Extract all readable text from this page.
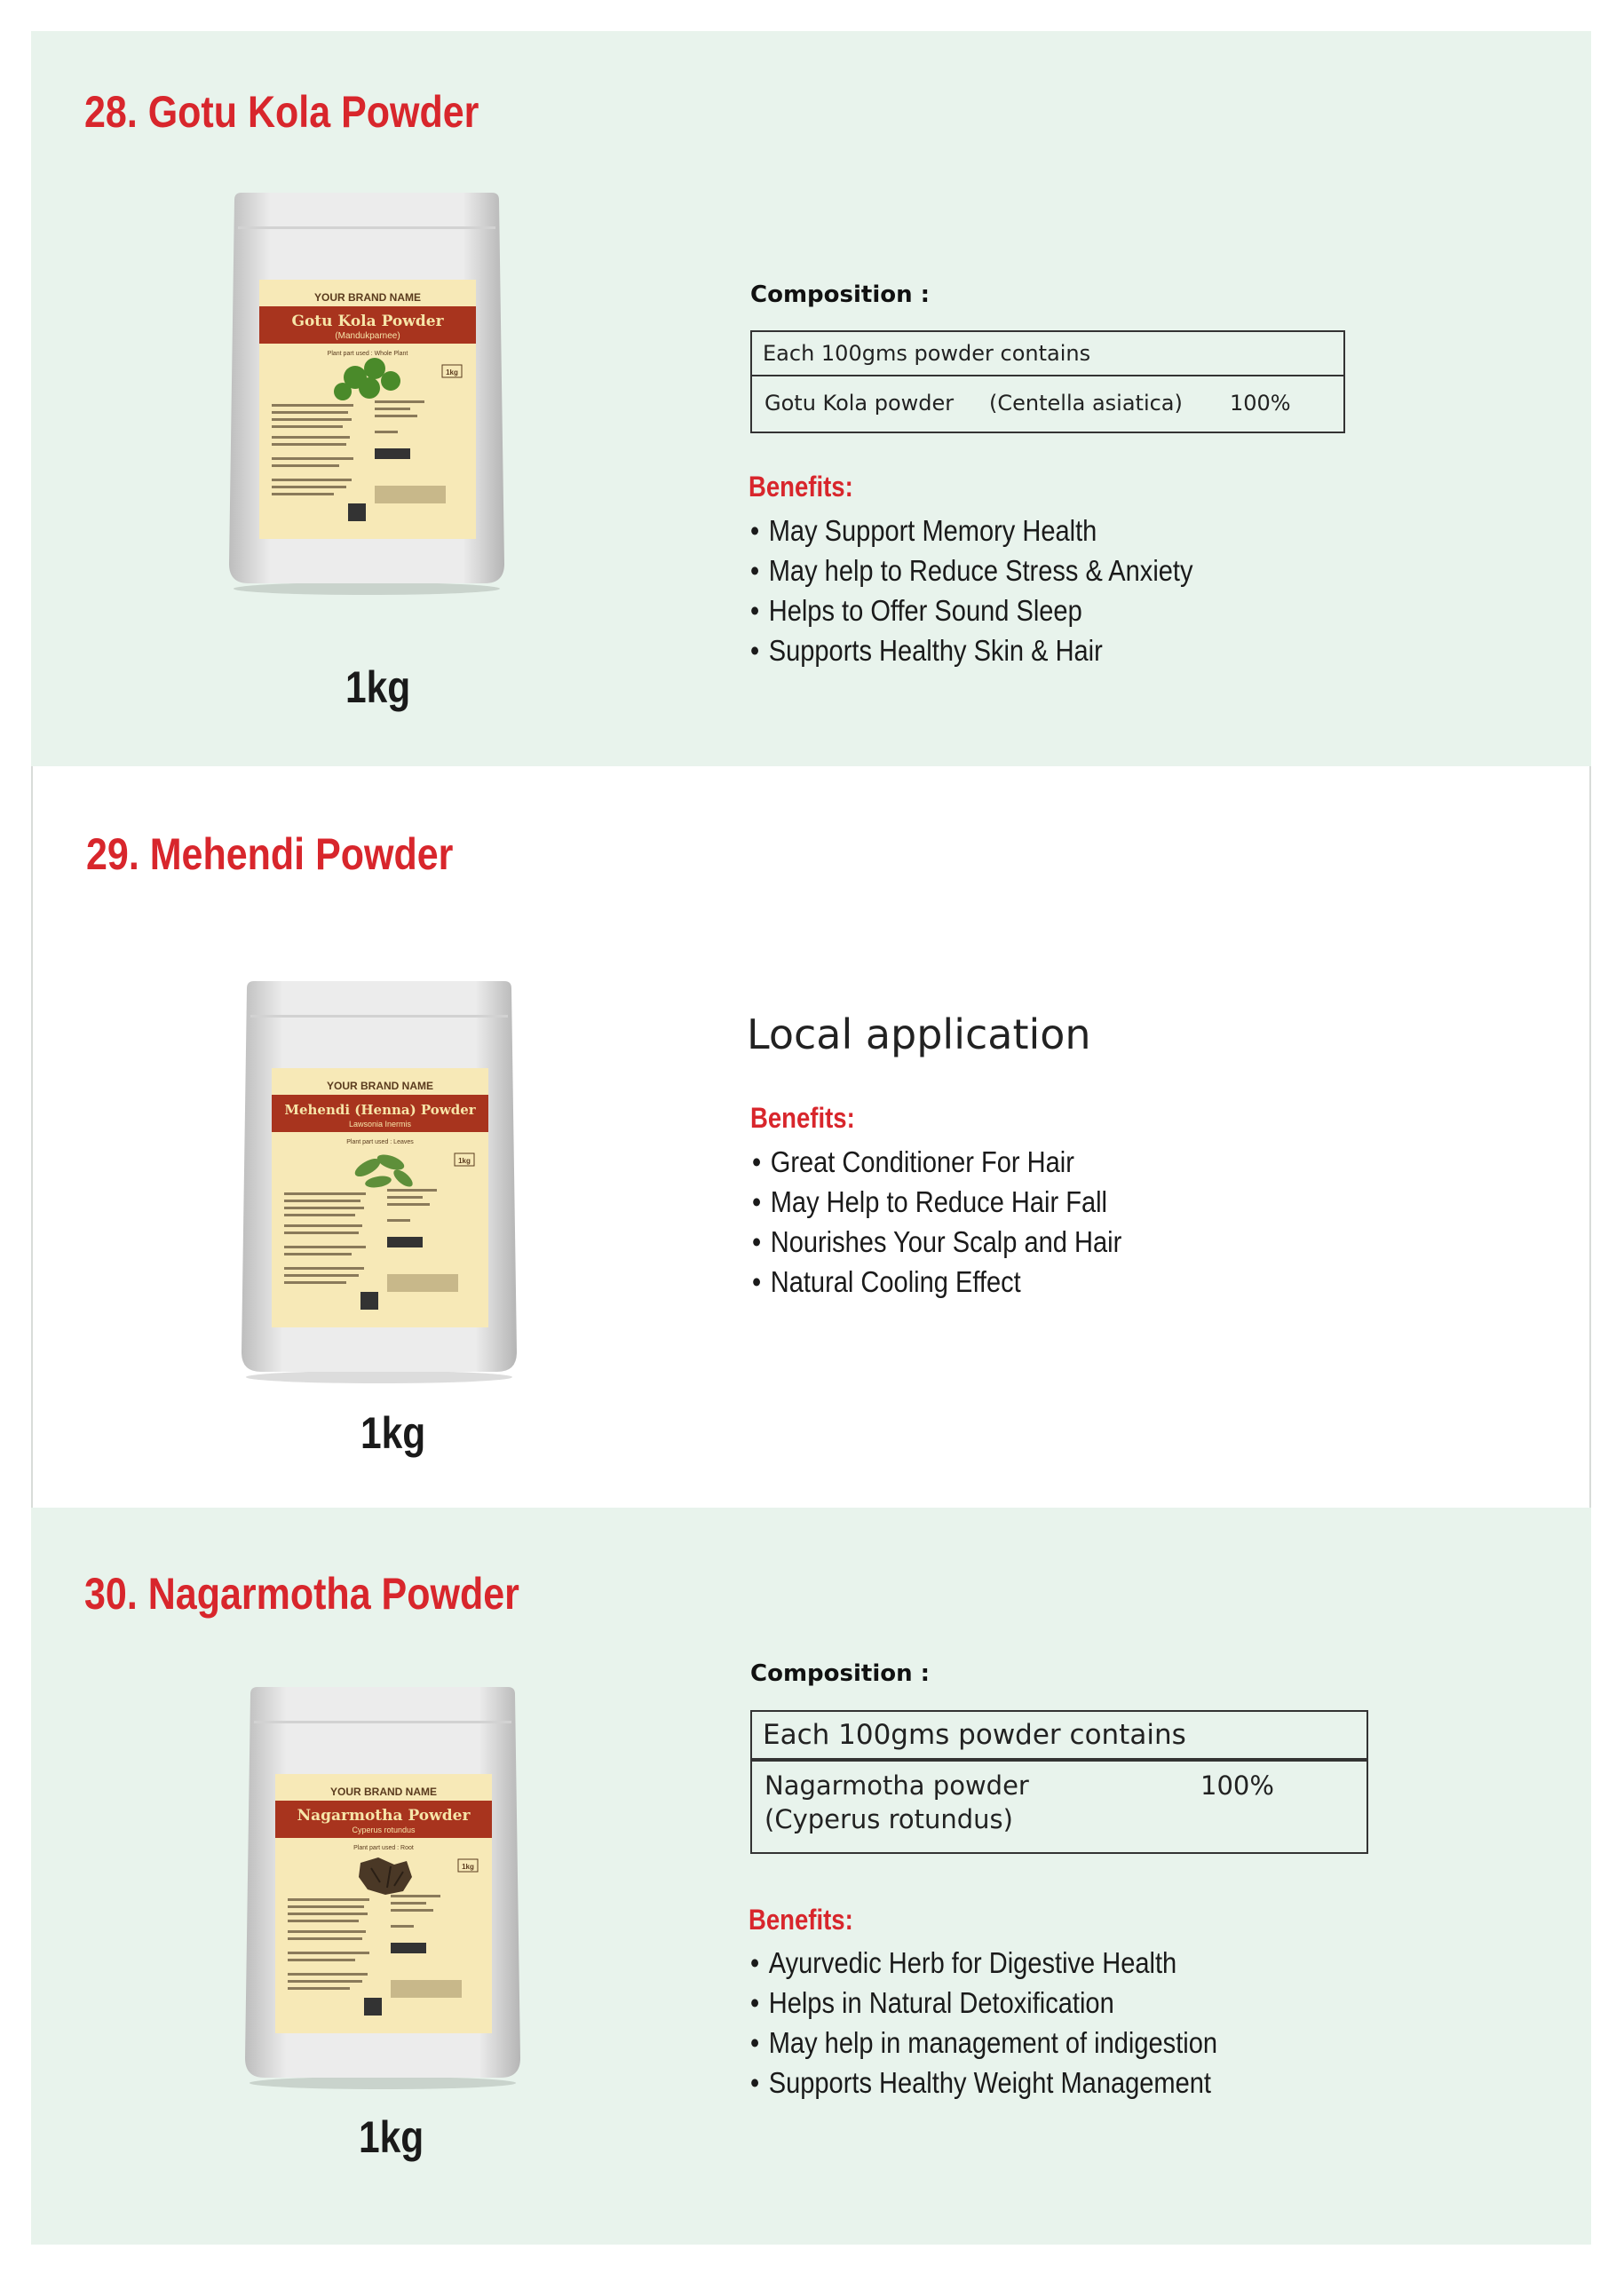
28. Gotu Kola Powder
YOUR BRAND NAME
Gotu Kola Powder
(Mandukparnee)
Plant part used : Whole Plant
1kg
1kg
Composition :
Each 100gms powder contains
Gotu Kola powder (Centella asiatica) 100%
Benefits:
• May Support Memory Health
• May help to Reduce Stress & Anxiety
• Helps to Offer Sound Sleep
• Supports Healthy Skin & Hair
29. Mehendi Powder
YOUR BRAND NAME
Mehendi (Henna) Powder
Lawsonia Inermis
Plant part used : Leaves
1kg
1kg
Local application
Benefits:
• Great Conditioner For Hair
• May Help to Reduce Hair Fall
• Nourishes Your Scalp and Hair
• Natural Cooling Effect
30. Nagarmotha Powder
YOUR BRAND NAME
Nagarmotha Powder
Cyperus rotundus
Plant part used : Root
1kg
1kg
Composition :
Each 100gms powder contains
Nagarmotha powder
(Cyperus rotundus)
100%
Benefits:
• Ayurvedic Herb for Digestive Health
• Helps in Natural Detoxification
• May help in management of indigestion
• Supports Healthy Weight Management
